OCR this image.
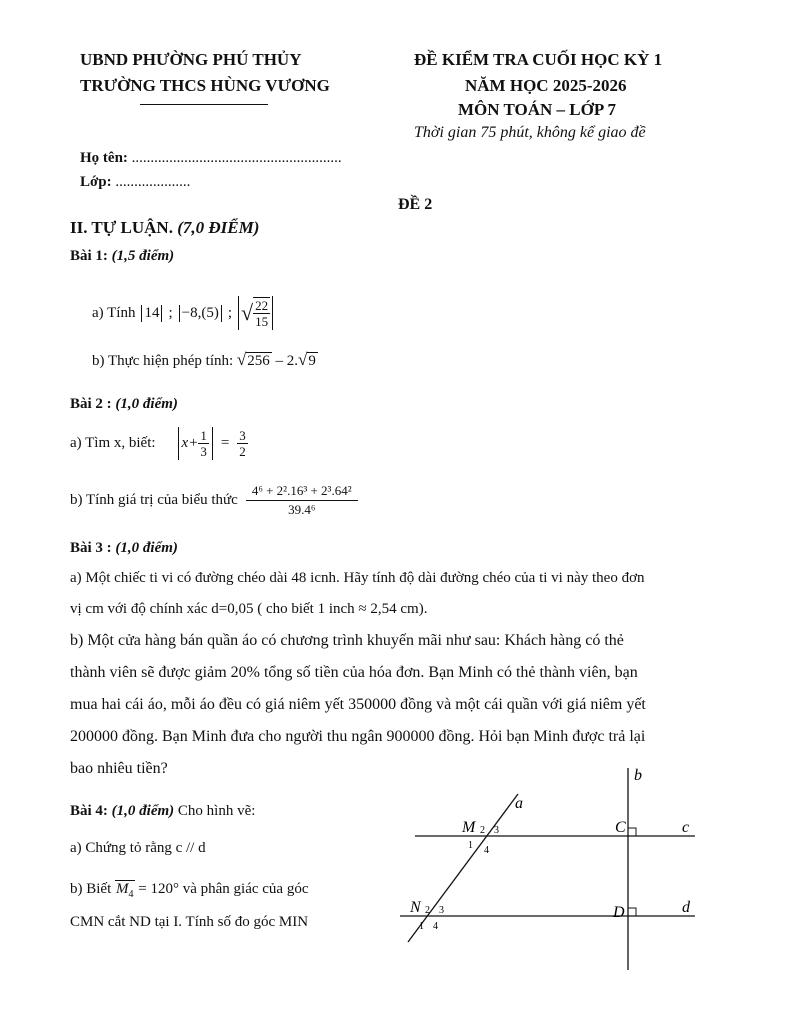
UBND PHƯỜNG PHÚ THỦY
TRƯỜNG THCS HÙNG VƯƠNG
ĐỀ KIỂM TRA CUỐI HỌC KỲ 1
NĂM HỌC 2025-2026
MÔN TOÁN – LỚP 7
Thời gian 75 phút, không kể giao đề
Họ tên: ........................................................
Lớp: ....................
ĐỀ 2
II. TỰ LUẬN. (7,0 ĐIỂM)
Bài 1: (1,5 điểm)
a) Tính 14 ; −8,(5) ; √ $\frac{22}{15}$
b) Thực hiện phép tính: √256 – 2.√9
Bài 2 : (1,0 điểm)
a) Tìm x, biết: $x+ \frac{1}{3} = \frac{3}{2}$
b) Tính giá trị của biểu thức $\frac{\text{4⁶ + 2².16³ + 2³.64²}}{\text{39.4⁶}}$
Bài 3 : (1,0 điểm)
a) Một chiếc ti vi có đường chéo dài 48 icnh. Hãy tính độ dài đường chéo của ti vi này theo đơn
vị cm với độ chính xác d=0,05 ( cho biết 1 inch ≈ 2,54 cm).
b) Một cửa hàng bán quần áo có chương trình khuyến mãi như sau: Khách hàng có thẻ
thành viên sẽ được giảm 20% tổng số tiền của hóa đơn. Bạn Minh có thẻ thành viên, bạn
mua hai cái áo, mỗi áo đều có giá niêm yết 350000 đồng và một cái quần với giá niêm yết
200000 đồng. Bạn Minh đưa cho người thu ngân 900000 đồng. Hỏi bạn Minh được trả lại
bao nhiêu tiền?
Bài 4: (1,0 điểm) Cho hình vẽ:
a) Chứng tỏ rằng c // d
b) Biết $M_4 = 120^\circ$ và phân giác của góc
CMN cắt ND tại I. Tính số đo góc MIN
b
a
c
d
M
N
C
D
2 3
1 4
2 3
1 4
